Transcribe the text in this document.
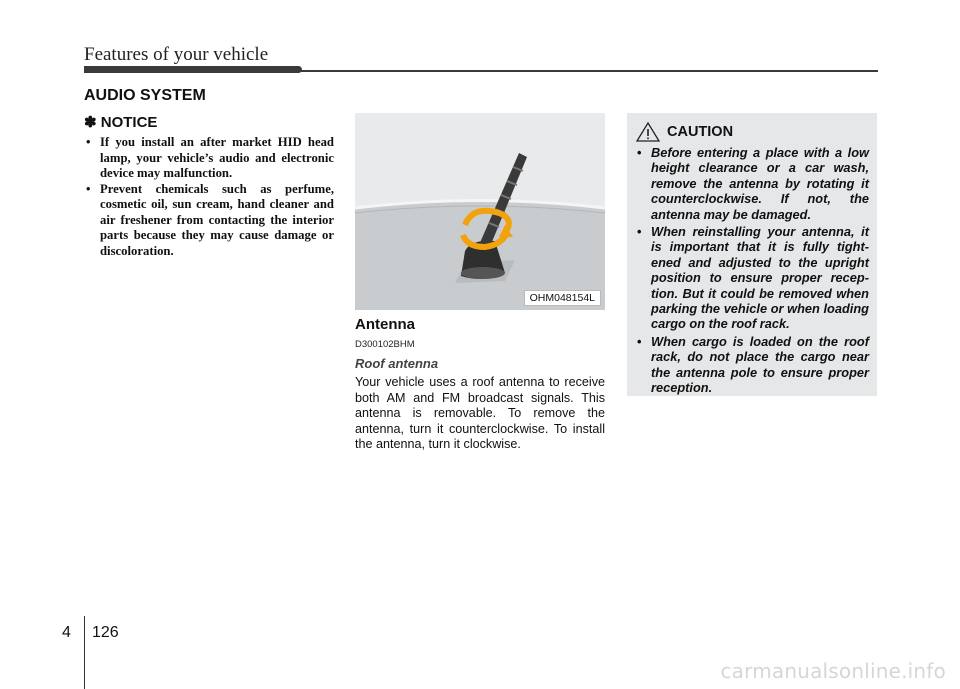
Features of your vehicle
AUDIO SYSTEM
✽ NOTICE
• If you install an after market HID head lamp, your vehicle’s audio and electronic device may malfunction.
• Prevent chemicals such as perfume, cosmetic oil, sun cream, hand cleaner and air freshener from contacting the interior parts because they may cause damage or discoloration.
OHM048154L
Antenna
D300102BHM
Roof antenna
Your vehicle uses a roof antenna to receive both AM and FM broadcast signals. This antenna is removable. To remove the antenna, turn it counterclockwise. To install the antenna, turn it clockwise.
CAUTION
• Before entering a place with a low height clearance or a car wash, remove the antenna by rotating it counterclockwise. If not, the antenna may be damaged.
• When reinstalling your antenna, it is important that it is fully tight-ened and adjusted to the upright position to ensure proper recep-tion. But it could be removed when parking the vehicle or when loading cargo on the roof rack.
• When cargo is loaded on the roof rack, do not place the cargo near the antenna pole to ensure proper reception.
4 126
carmanualsonline.info
